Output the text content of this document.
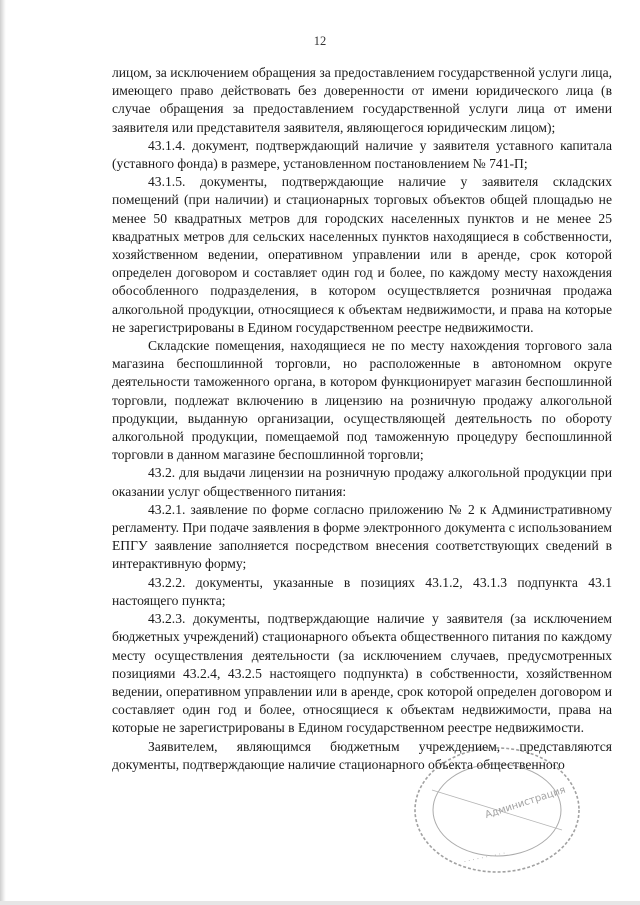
12

лицом, за исключением обращения за предоставлением государственной услуги лица, имеющего право действовать без доверенности от имени юридического лица (в случае обращения за предоставлением государственной услуги лица от имени заявителя или представителя заявителя, являющегося юридическим лицом);

43.1.4. документ, подтверждающий наличие у заявителя уставного капитала (уставного фонда) в размере, установленном постановлением № 741-П;

43.1.5. документы, подтверждающие наличие у заявителя складских помещений (при наличии) и стационарных торговых объектов общей площадью не менее 50 квадратных метров для городских населенных пунктов и не менее 25 квадратных метров для сельских населенных пунктов находящиеся в собственности, хозяйственном ведении, оперативном управлении или в аренде, срок которой определен договором и составляет один год и более, по каждому месту нахождения обособленного подразделения, в котором осуществляется розничная продажа алкогольной продукции, относящиеся к объектам недвижимости, и права на которые не зарегистрированы в Едином государственном реестре недвижимости.

Складские помещения, находящиеся не по месту нахождения торгового зала магазина беспошлинной торговли, но расположенные в автономном округе деятельности таможенного органа, в котором функционирует магазин беспошлинной торговли, подлежат включению в лицензию на розничную продажу алкогольной продукции, выданную организации, осуществляющей деятельность по обороту алкогольной продукции, помещаемой под таможенную процедуру беспошлинной торговли в данном магазине беспошлинной торговли;

43.2. для выдачи лицензии на розничную продажу алкогольной продукции при оказании услуг общественного питания:

43.2.1. заявление по форме согласно приложению № 2 к Административному регламенту. При подаче заявления в форме электронного документа с использованием ЕПГУ заявление заполняется посредством внесения соответствующих сведений в интерактивную форму;

43.2.2. документы, указанные в позициях 43.1.2, 43.1.3 подпункта 43.1 настоящего пункта;

43.2.3. документы, подтверждающие наличие у заявителя (за исключением бюджетных учреждений) стационарного объекта общественного питания по каждому месту осуществления деятельности (за исключением случаев, предусмотренных позициями 43.2.4, 43.2.5 настоящего подпункта) в собственности, хозяйственном ведении, оперативном управлении или в аренде, срок которой определен договором и составляет один год и более, относящиеся к объектам недвижимости, права на которые не зарегистрированы в Едином государственном реестре недвижимости.

Заявителем, являющимся бюджетным учреждением, представляются документы, подтверждающие наличие стационарного объекта общественного

Администрация
· · · · · · · · · ·
